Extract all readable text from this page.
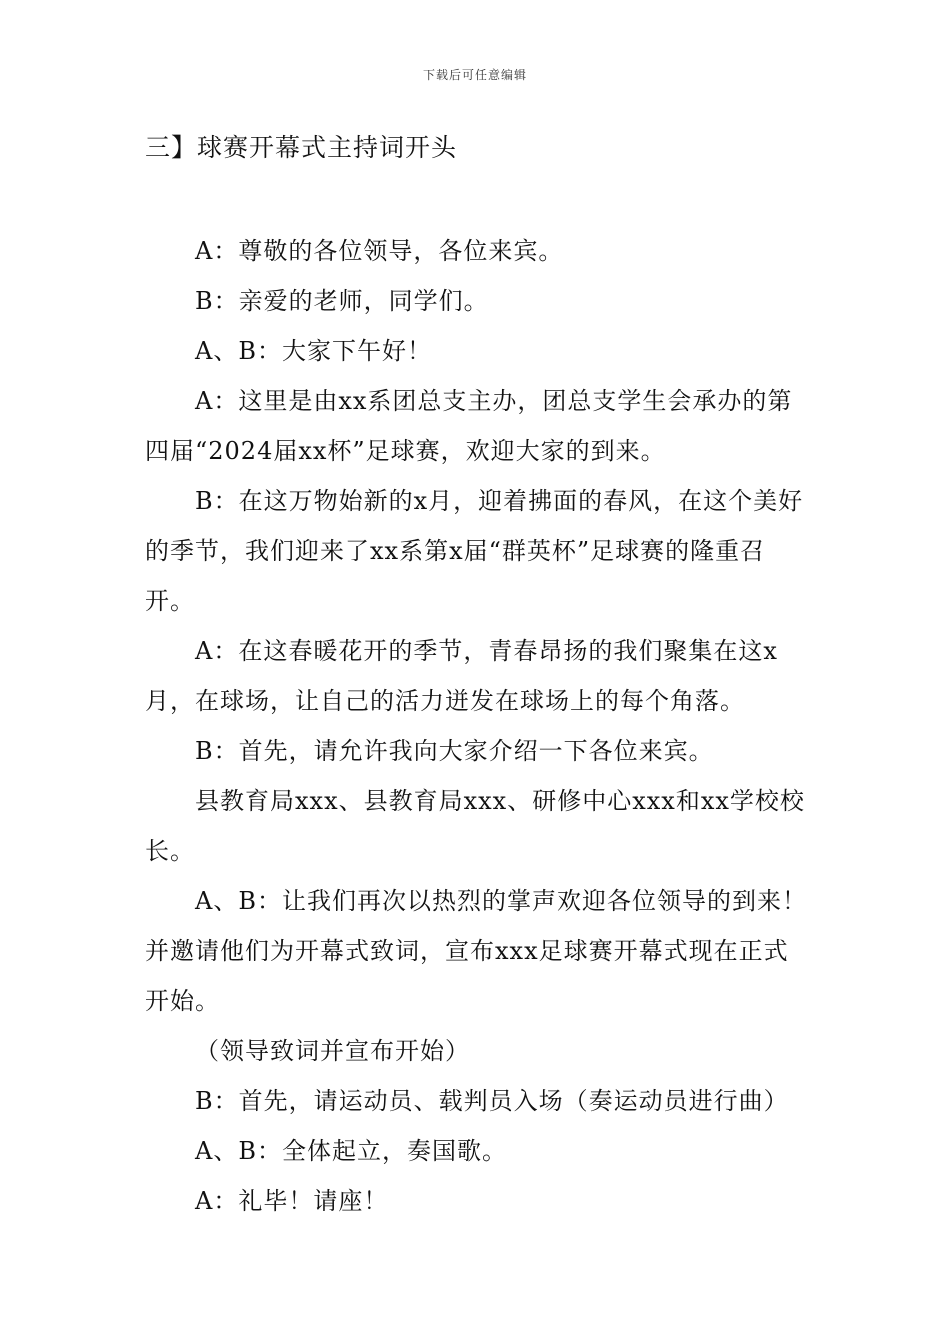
下载后可任意编辑
三】球赛开幕式主持词开头

A：尊敬的各位领导，各位来宾。

B：亲爱的老师，同学们。

A、B：大家下午好！

A：这里是由xx系团总支主办，团总支学生会承办的第四届“2024届xx杯”足球赛，欢迎大家的到来。

B：在这万物始新的x月，迎着拂面的春风，在这个美好的季节，我们迎来了xx系第x届“群英杯”足球赛的隆重召开。

A：在这春暖花开的季节，青春昂扬的我们聚集在这x月，在球场，让自己的活力迸发在球场上的每个角落。

B：首先，请允许我向大家介绍一下各位来宾。

县教育局xxx、县教育局xxx、研修中心xxx和xx学校校长。

A、B：让我们再次以热烈的掌声欢迎各位领导的到来！并邀请他们为开幕式致词，宣布xxx足球赛开幕式现在正式开始。

（领导致词并宣布开始）

B：首先，请运动员、载判员入场（奏运动员进行曲）

A、B：全体起立，奏国歌。

A：礼毕！请座！
